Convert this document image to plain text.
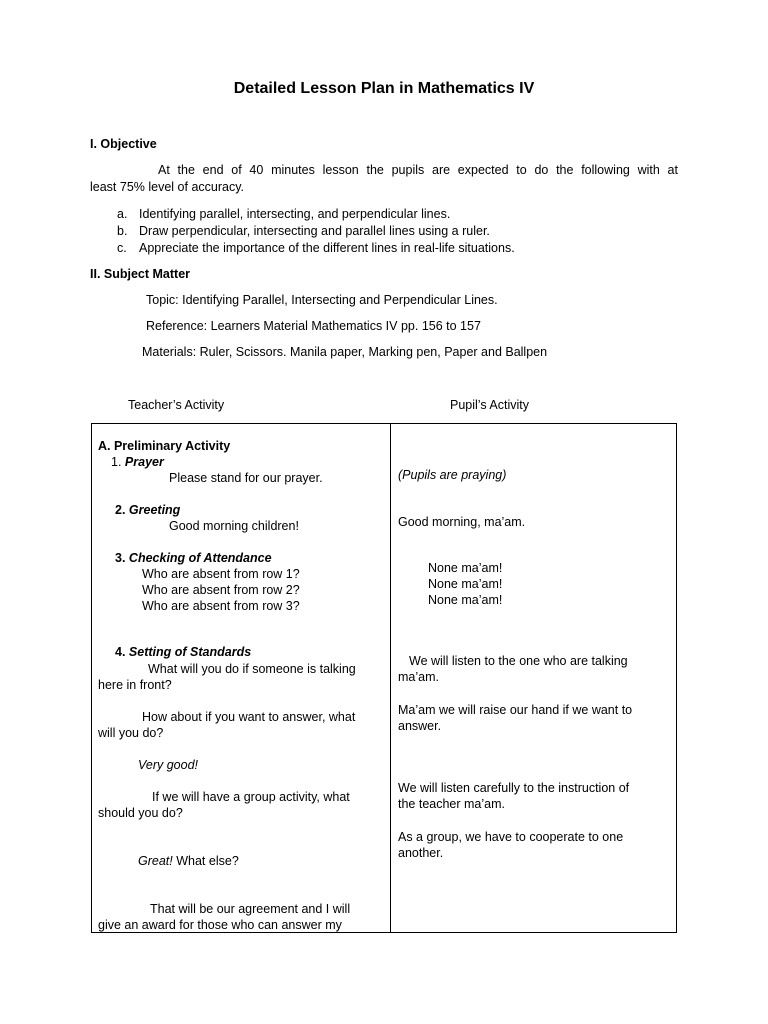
Detailed Lesson Plan in Mathematics IV
I. Objective
At the end of 40 minutes lesson the pupils are expected to do the following with at
least 75% level of accuracy.
a. Identifying parallel, intersecting, and perpendicular lines.
b. Draw perpendicular, intersecting and parallel lines using a ruler.
c. Appreciate the importance of the different lines in real-life situations.
II. Subject Matter
Topic: Identifying Parallel, Intersecting and Perpendicular Lines.
Reference: Learners Material Mathematics IV pp. 156 to 157
Materials: Ruler, Scissors. Manila paper, Marking pen, Paper and Ballpen
Teacher’s Activity	Pupil’s Activity
A. Preliminary Activity
1. Prayer
Please stand for our prayer.
2. Greeting
Good morning children!
3. Checking of Attendance
Who are absent from row 1?
Who are absent from row 2?
Who are absent from row 3?
4. Setting of Standards
What will you do if someone is talking
here in front?
How about if you want to answer, what
will you do?
Very good!
If we will have a group activity, what
should you do?
Great! What else?
That will be our agreement and I will
give an award for those who can answer my
(Pupils are praying)
Good morning, ma’am.
None ma’am!
None ma’am!
None ma’am!
We will listen to the one who are talking
ma’am.
Ma’am we will raise our hand if we want to
answer.
We will listen carefully to the instruction of
the teacher ma’am.
As a group, we have to cooperate to one
another.
